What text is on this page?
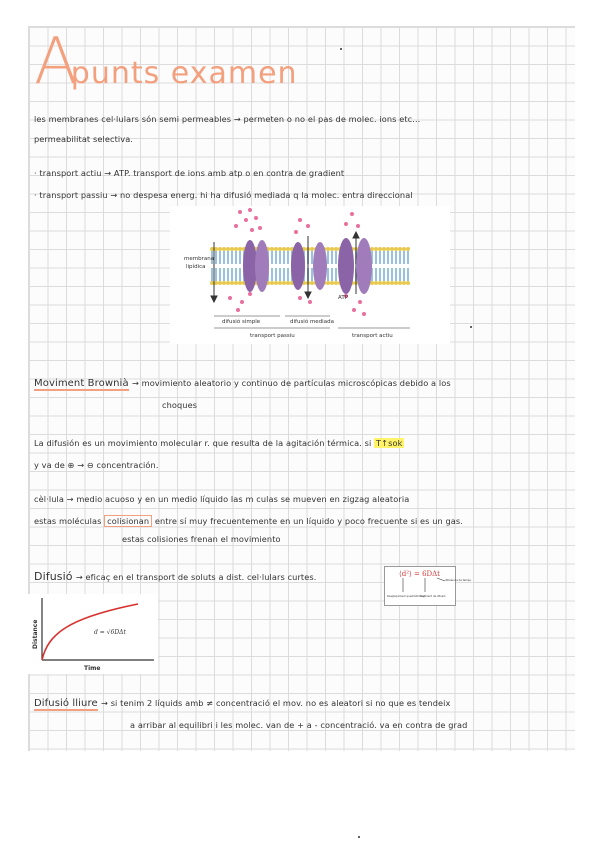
Apunts examen
les membranes cel·lulars són semi permeables → permeten o no el pas de molec. ions etc...
permeabilitat selectiva.
· transport actiu → ATP. transport de ions amb atp o en contra de gradient
· transport passiu → no despesa energ. hi ha difusió mediada q la molec. entra direccional
membrana
lipídica
ATP
difusió simple	difusió mediada
transport passiu	transport actiu
Moviment Brownià → movimiento aleatorio y continuo de partículas microscópicas debido a los
choques
La difusión es un movimiento molecular r. que resulta de la agitación térmica. si T↑sok
y va de ⊕ → ⊖ concentración.
cèl·lula → medio acuoso y en un medio líquido las m culas se mueven en zigzag aleatoria
estas moléculas colisionan entre sí muy frecuentemente en un líquido y poco frecuente si es un gas.
estas colisiones frenan el movimiento
Difusió → eficaç en el transport de soluts a dist. cel·lulars curtes.	⟨d²⟩ = 6DΔt
diferència de temps
Desplaçament quadràtic mig
Coeficient de difusió
d = √6DΔt
Distance
Time
Difusió lliure → si tenim 2 líquids amb ≠ concentració el mov. no es aleatori si no que es tendeix
a arribar al equilibri i les molec. van de + a - concentració. va en contra de grad
